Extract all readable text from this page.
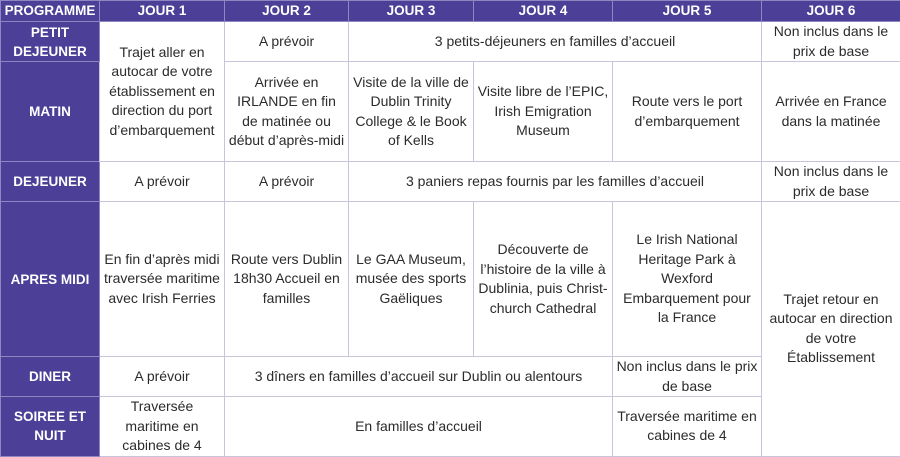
PROGRAMME	JOUR 1	JOUR 2	JOUR 3	JOUR 4	JOUR 5	JOUR 6
PETIT DEJEUNER	Trajet aller en autocar de votre établissement en direction du port d’embarquement	A prévoir	3 petits-déjeuners en familles d’accueil			Non inclus dans le prix de base
MATIN		Arrivée en IRLANDE en fin de matinée ou début d’après-midi	Visite de la ville de Dublin Trinity College & le Book of Kells	Visite libre de l’EPIC, Irish Emigration Museum	Route vers le port d’embarquement	Arrivée en France dans la matinée
DEJEUNER	A prévoir	A prévoir	3 paniers repas fournis par les familles d’accueil			Non inclus dans le prix de base
APRES MIDI	En fin d’après midi traversée maritime avec Irish Ferries	Route vers Dublin 18h30 Accueil en familles	Le GAA Museum, musée des sports Gaëliques	Découverte de l’histoire de la ville à Dublinia, puis Christ-church Cathedral	Le Irish National Heritage Park à Wexford Embarquement pour la France	Trajet retour en autocar en direction de votre Établissement
DINER	A prévoir	3 dîners en familles d’accueil sur Dublin ou alentours			Non inclus dans le prix de base	
SOIREE ET NUIT	Traversée maritime en cabines de 4	En familles d’accueil			Traversée maritime en cabines de 4	
